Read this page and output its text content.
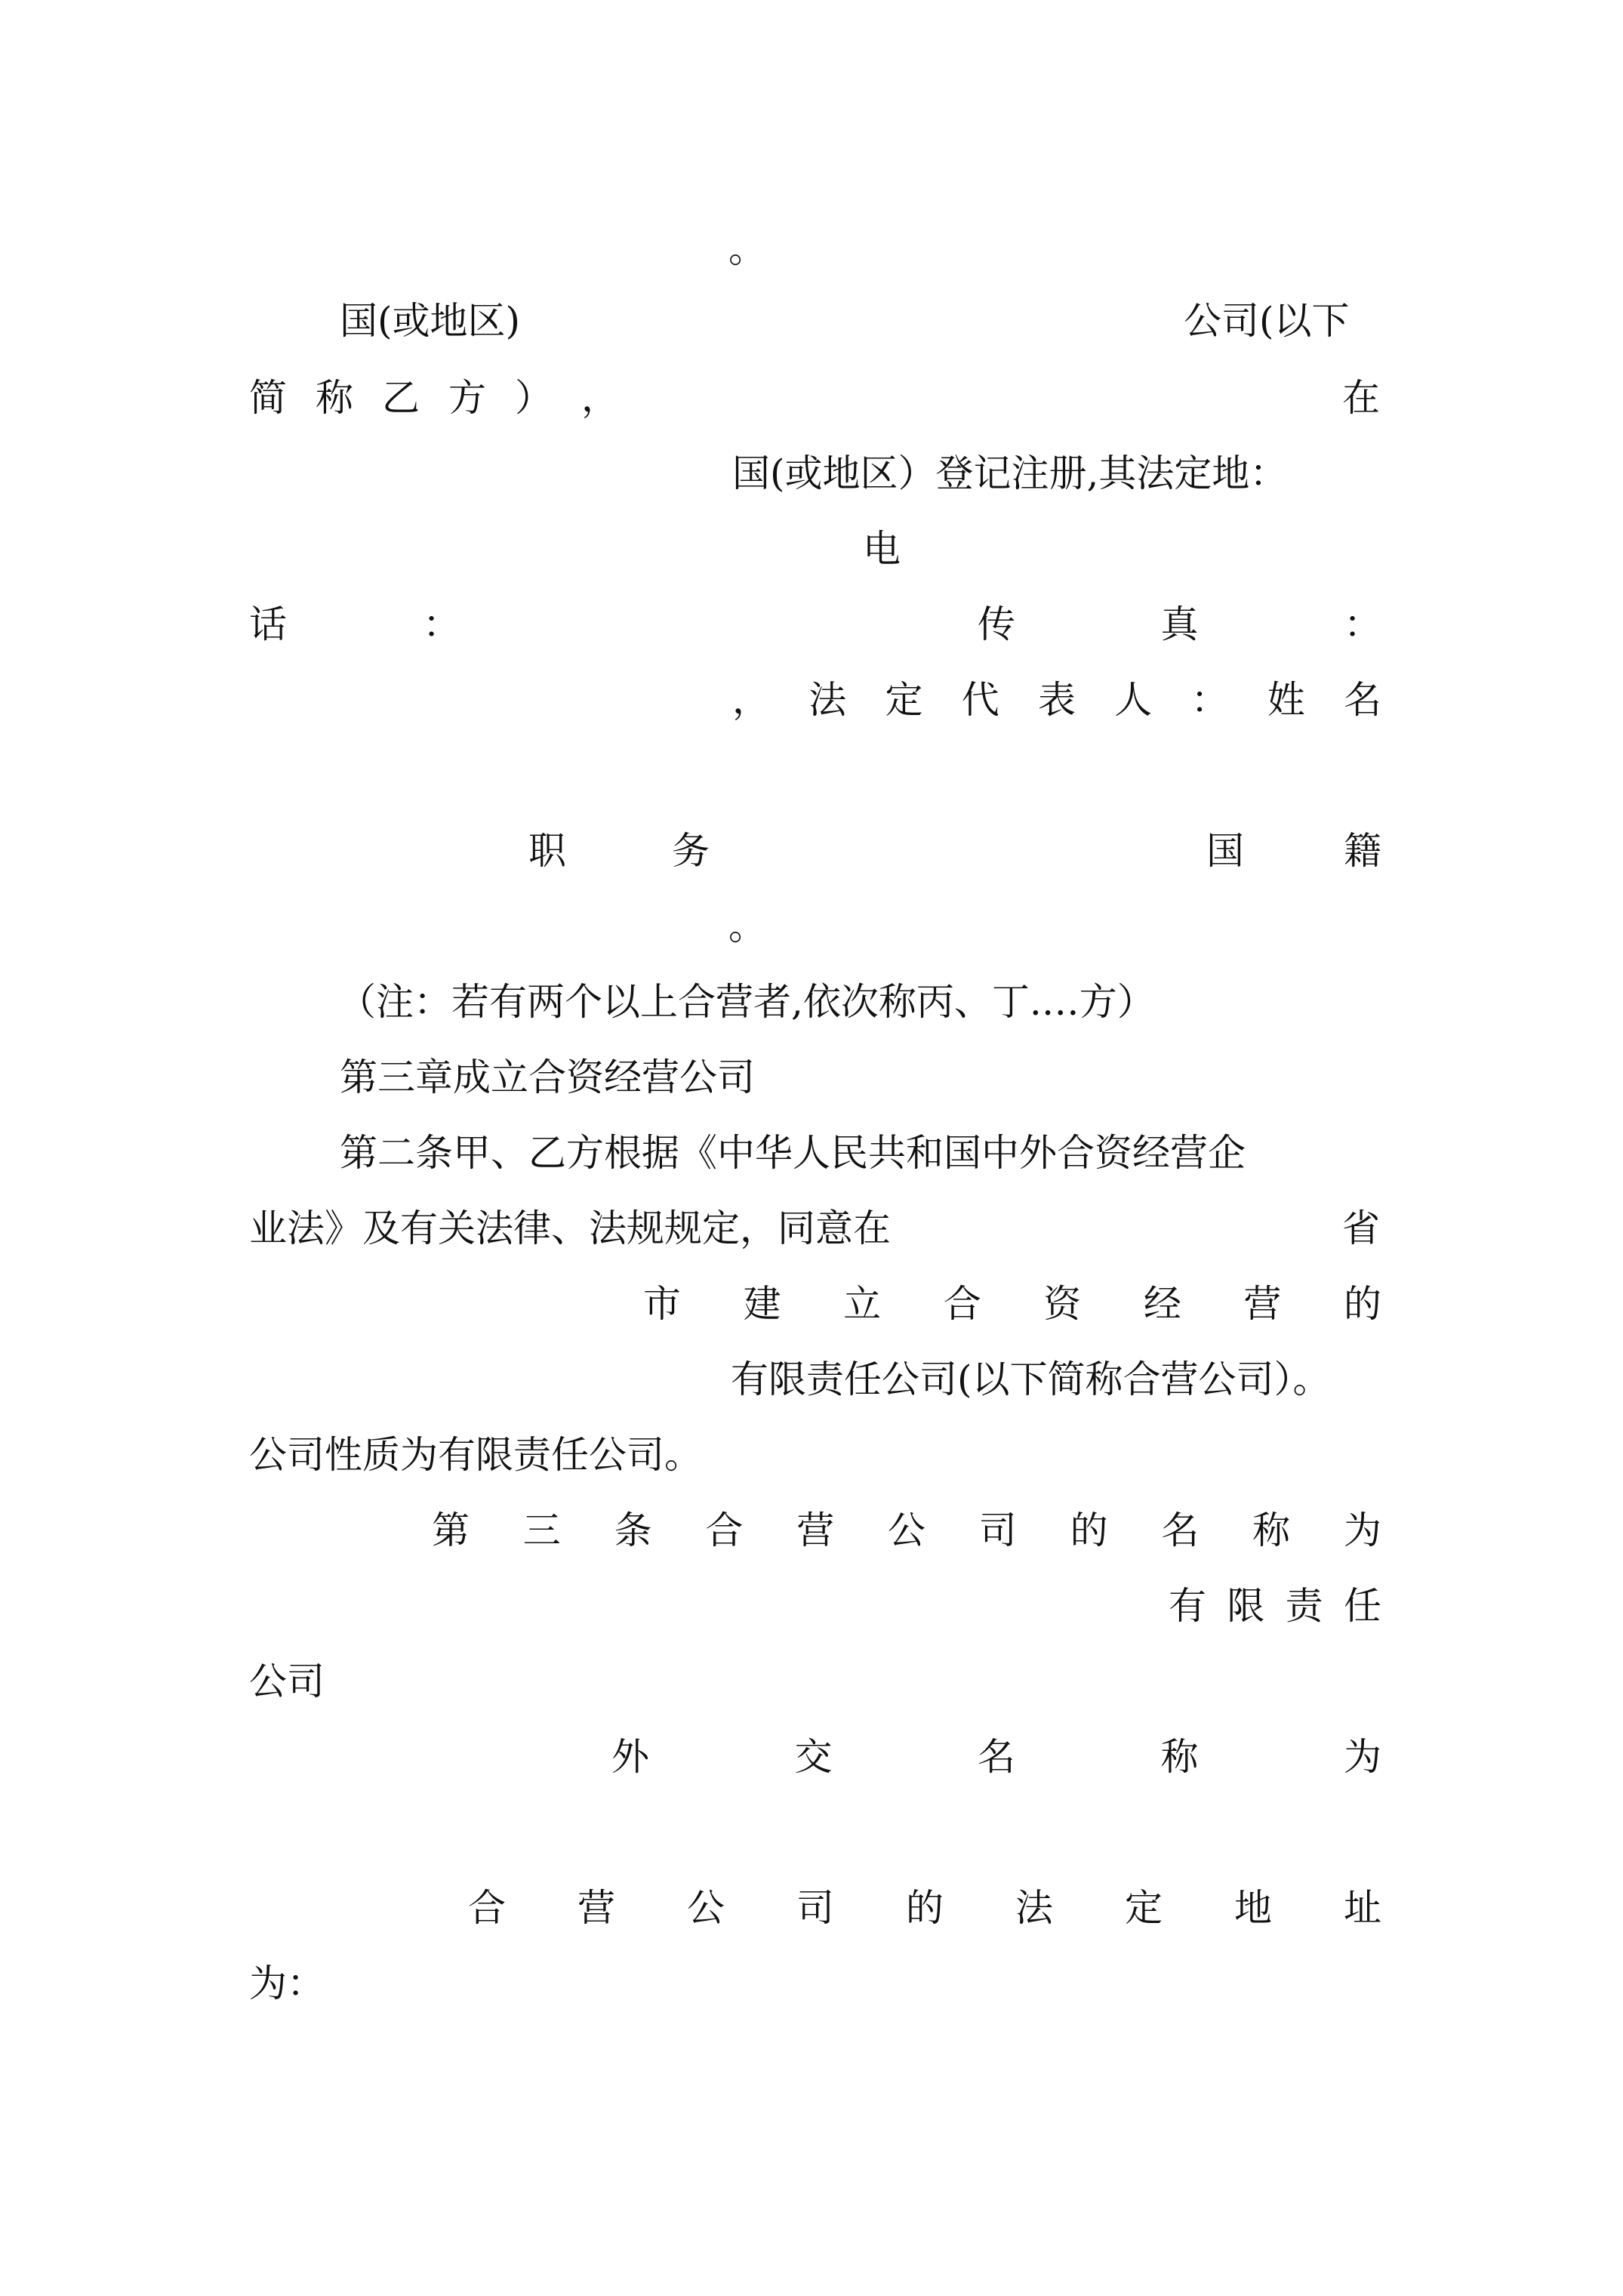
。
国(或地区)	公司(以下
简 称 乙 方 ） ，	在
国(或地区）登记注册,其法定地：
电
话	：	传	真	：
， 法 定 代 表 人 ： 姓 名
职	务	国	籍
。
（注：若有两个以上合营者,依次称丙、丁.…方）
第三章成立合资经营公司
第二条甲、乙方根据《中华人民共和国中外合资经营企
业法》及有关法律、法规规定，同意在	省
市 建 立 合 资 经 营 的
有限责任公司(以下简称合营公司）。
公司性质为有限责任公司。
第 三 条 合 营 公 司 的 名 称 为
有 限 责 任
公司
外	交	名	称	为
合 营 公 司 的 法 定 地 址
为：
